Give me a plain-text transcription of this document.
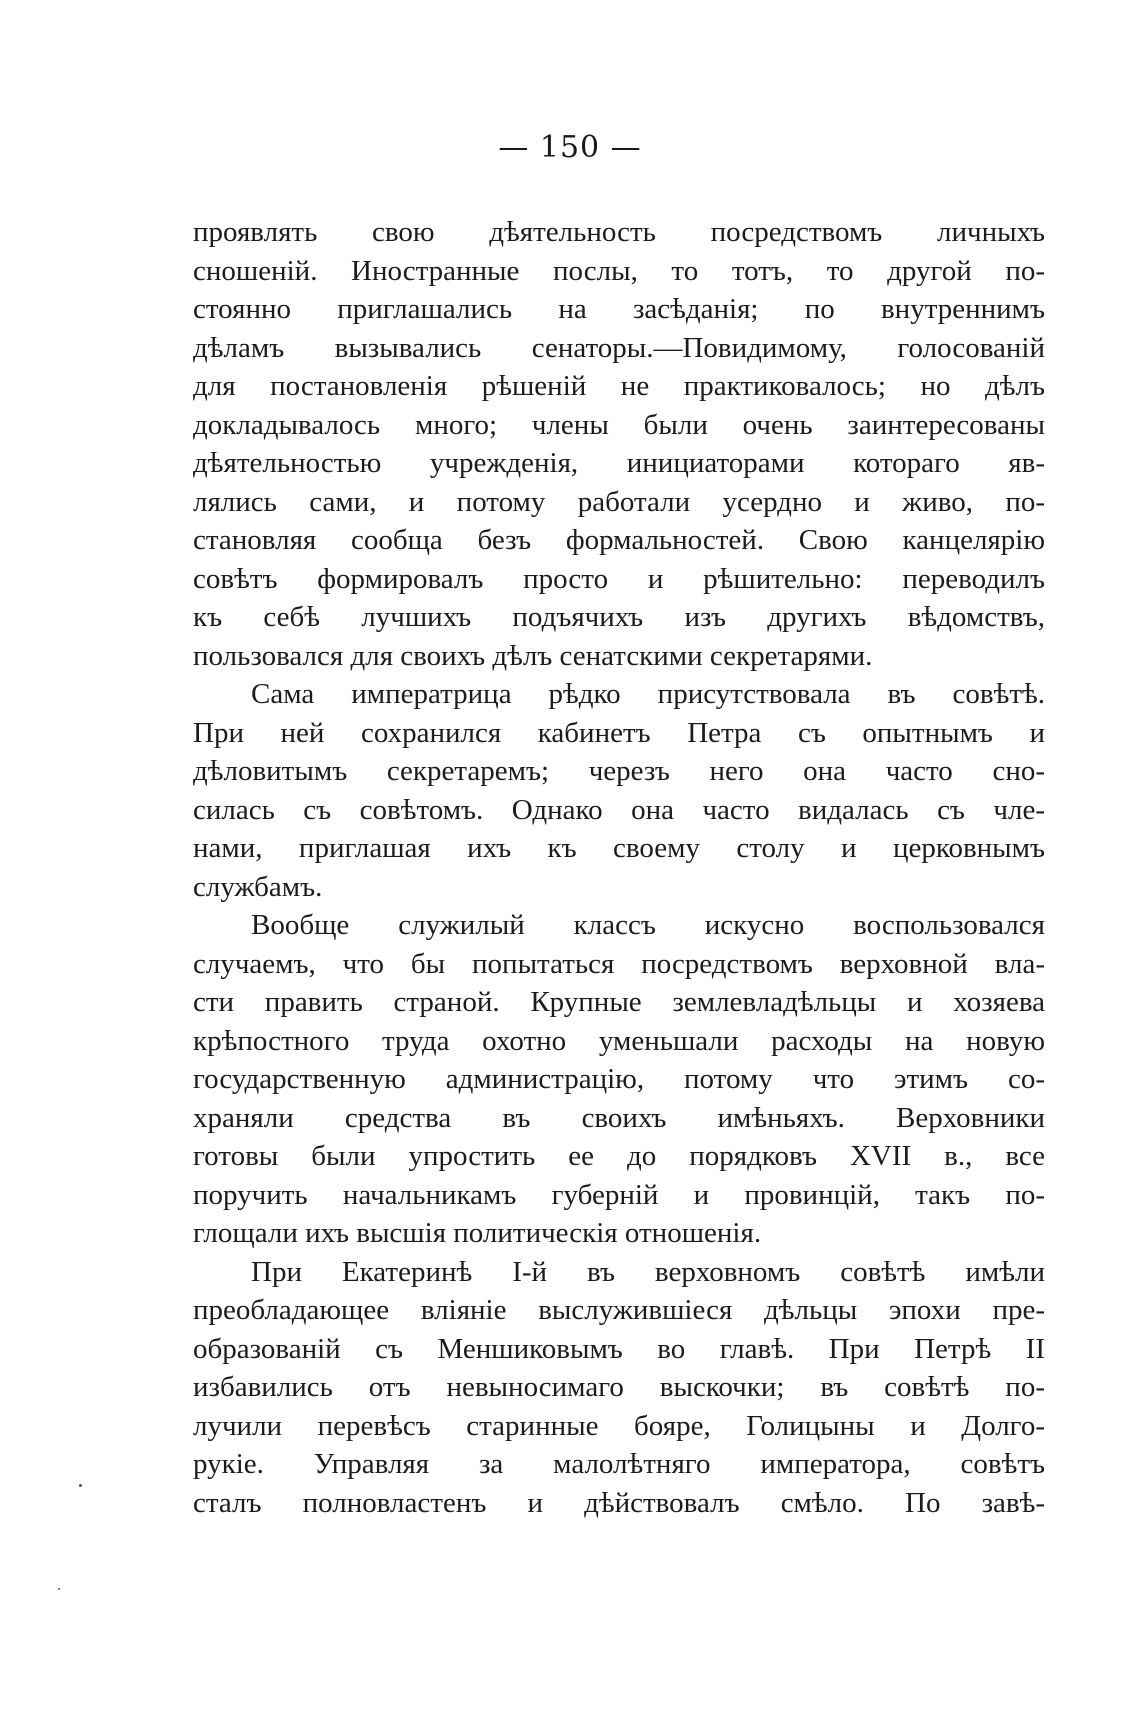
— 150 —
проявлять свою дѣятельность посредствомъ личныхъ
сношеній. Иностранные послы, то тотъ, то другой по-
стоянно приглашались на засѣданія; по внутреннимъ
дѣламъ вызывались сенаторы.—Повидимому, голосованій
для постановленія рѣшеній не практиковалось; но дѣлъ
докладывалось много; члены были очень заинтересованы
дѣятельностью учрежденія, инициаторами котораго яв-
лялись сами, и потому работали усердно и живо, по-
становляя сообща безъ формальностей. Свою канцелярію
совѣтъ формировалъ просто и рѣшительно: переводилъ
къ себѣ лучшихъ подъячихъ изъ другихъ вѣдомствъ,
пользовался для своихъ дѣлъ сенатскими секретарями.
Сама императрица рѣдко присутствовала въ совѣтѣ.
При ней сохранился кабинетъ Петра съ опытнымъ и
дѣловитымъ секретаремъ; черезъ него она часто сно-
силась съ совѣтомъ. Однако она часто видалась съ чле-
нами, приглашая ихъ къ своему столу и церковнымъ
службамъ.
Вообще служилый классъ искусно воспользовался
случаемъ, что бы попытаться посредствомъ верховной вла-
сти править страной. Крупные землевладѣльцы и хозяева
крѣпостного труда охотно уменьшали расходы на новую
государственную администрацію, потому что этимъ со-
храняли средства въ своихъ имѣньяхъ. Верховники
готовы были упростить ее до порядковъ XVII в., все
поручить начальникамъ губерній и провинцій, такъ по-
глощали ихъ высшія политическія отношенія.
При Екатеринѣ I-й въ верховномъ совѣтѣ имѣли
преобладающее вліяніе выслужившіеся дѣльцы эпохи пре-
образованій съ Меншиковымъ во главѣ. При Петрѣ II
избавились отъ невыносимаго выскочки; въ совѣтѣ по-
лучили перевѣсъ старинные бояре, Голицыны и Долго-
рукіе. Управляя за малолѣтняго императора, совѣтъ
сталъ полновластенъ и дѣйствовалъ смѣло. По завѣ-
